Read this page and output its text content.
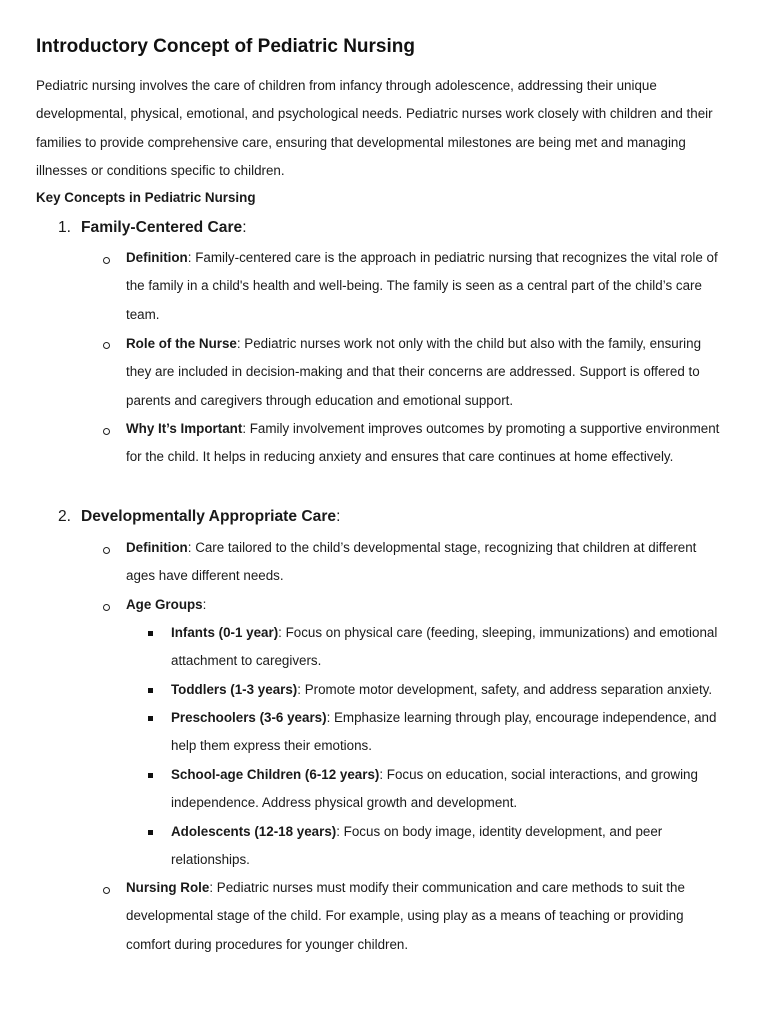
Introductory Concept of Pediatric Nursing
Pediatric nursing involves the care of children from infancy through adolescence, addressing their unique developmental, physical, emotional, and psychological needs. Pediatric nurses work closely with children and their families to provide comprehensive care, ensuring that developmental milestones are being met and managing illnesses or conditions specific to children.
Key Concepts in Pediatric Nursing
1. Family-Centered Care:
Definition: Family-centered care is the approach in pediatric nursing that recognizes the vital role of the family in a child's health and well-being. The family is seen as a central part of the child’s care team.
Role of the Nurse: Pediatric nurses work not only with the child but also with the family, ensuring they are included in decision-making and that their concerns are addressed. Support is offered to parents and caregivers through education and emotional support.
Why It’s Important: Family involvement improves outcomes by promoting a supportive environment for the child. It helps in reducing anxiety and ensures that care continues at home effectively.
2. Developmentally Appropriate Care:
Definition: Care tailored to the child’s developmental stage, recognizing that children at different ages have different needs.
Age Groups:
Infants (0-1 year): Focus on physical care (feeding, sleeping, immunizations) and emotional attachment to caregivers.
Toddlers (1-3 years): Promote motor development, safety, and address separation anxiety.
Preschoolers (3-6 years): Emphasize learning through play, encourage independence, and help them express their emotions.
School-age Children (6-12 years): Focus on education, social interactions, and growing independence. Address physical growth and development.
Adolescents (12-18 years): Focus on body image, identity development, and peer relationships.
Nursing Role: Pediatric nurses must modify their communication and care methods to suit the developmental stage of the child. For example, using play as a means of teaching or providing comfort during procedures for younger children.
